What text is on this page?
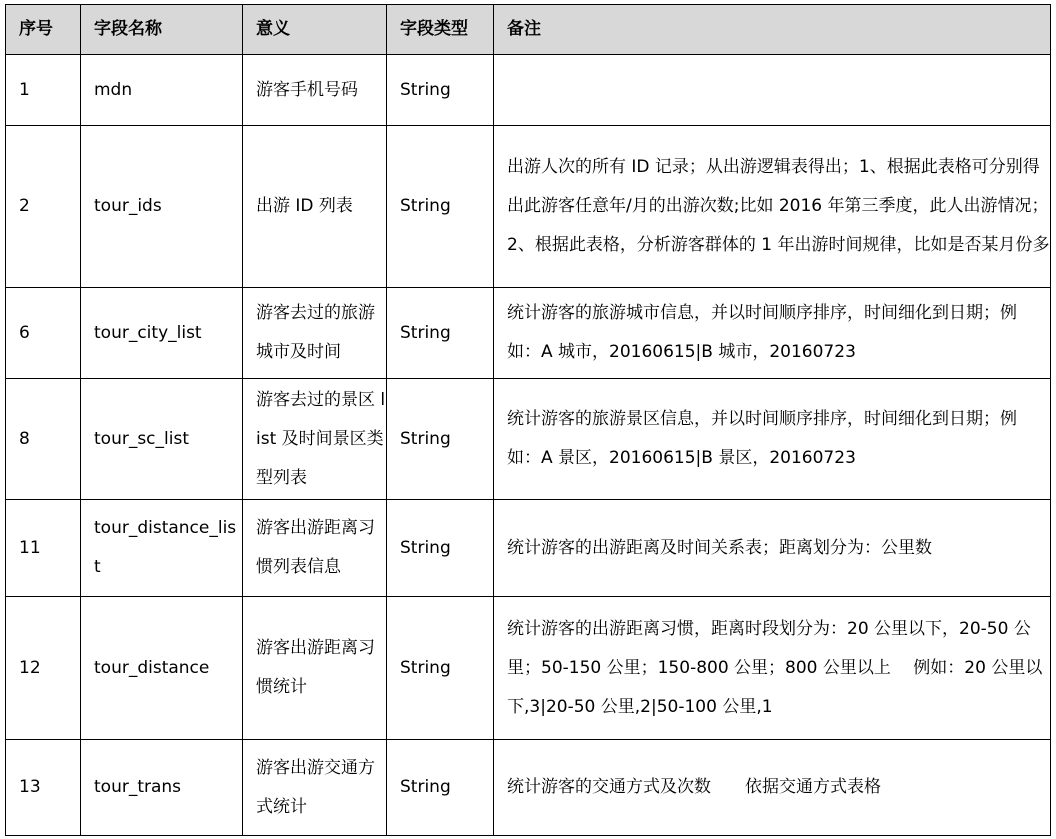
序号	字段名称	意义	字段类型	备注
1	mdn	游客手机号码	String	
2	tour_ids	出游 ID 列表	String	出游人次的所有 ID 记录；从出游逻辑表得出；1、根据此表格可分别得出此游客任意年/月的出游次数;比如 2016 年第三季度，此人出游情况；2、根据此表格，分析游客群体的 1 年出游时间规律，比如是否某月份多
6	tour_city_list	游客去过的旅游城市及时间	String	统计游客的旅游城市信息，并以时间顺序排序，时间细化到日期；例如：A 城市，20160615|B 城市，20160723
8	tour_sc_list	游客去过的景区 list 及时间景区类型列表	String	统计游客的旅游景区信息，并以时间顺序排序，时间细化到日期；例如：A 景区，20160615|B 景区，20160723
11	tour_distance_list	游客出游距离习惯列表信息	String	统计游客的出游距离及时间关系表；距离划分为：公里数
12	tour_distance	游客出游距离习惯统计	String	统计游客的出游距离习惯，距离时段划分为：20 公里以下，20-50 公里；50-150 公里；150-800 公里；800 公里以上　 例如：20 公里以下,3|20-50 公里,2|50-100 公里,1
13	tour_trans	游客出游交通方式统计	String	统计游客的交通方式及次数　　依据交通方式表格
